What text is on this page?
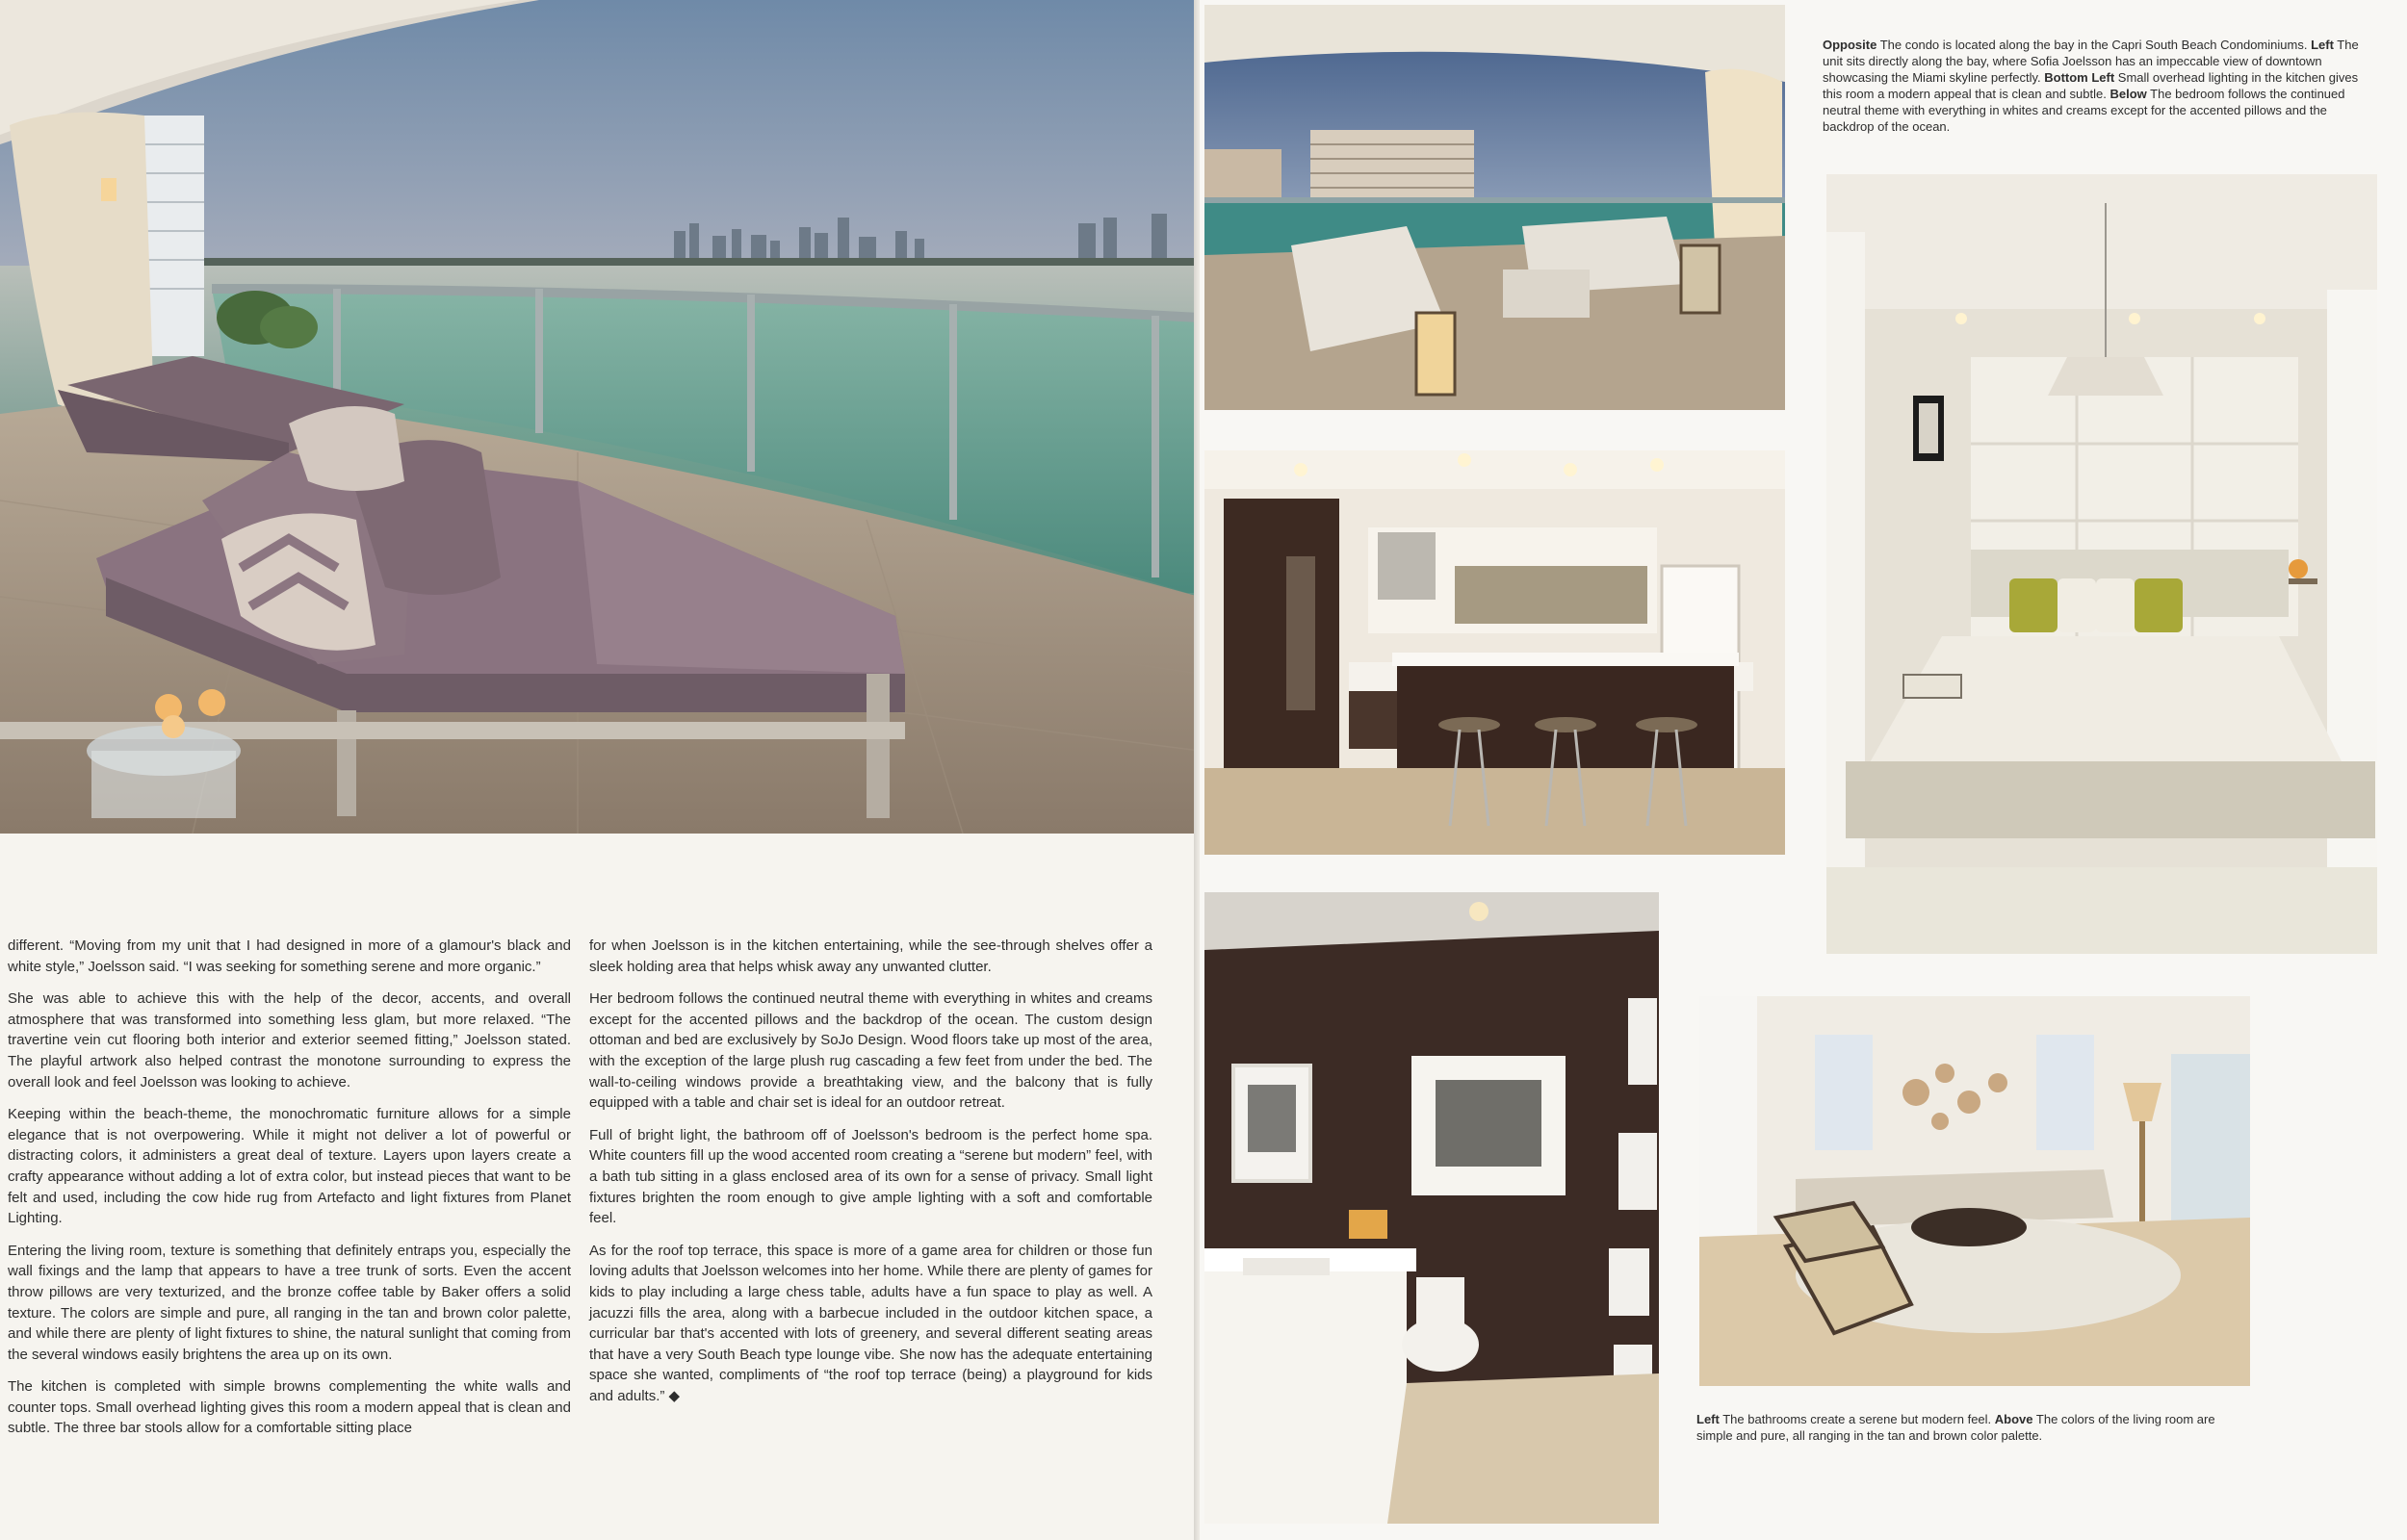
different. “Moving from my unit that I had designed in more of a glamour's black and white style,” Joelsson said. “I was seeking for something serene and more organic.”

She was able to achieve this with the help of the decor, accents, and overall atmosphere that was transformed into something less glam, but more relaxed. “The travertine vein cut flooring both interior and exterior seemed fitting,” Joelsson stated. The playful artwork also helped contrast the monotone surrounding to express the overall look and feel Joelsson was looking to achieve.

Keeping within the beach-theme, the monochromatic furniture allows for a simple elegance that is not overpowering. While it might not deliver a lot of powerful or distracting colors, it administers a great deal of texture. Layers upon layers create a crafty appearance without adding a lot of extra color, but instead pieces that want to be felt and used, including the cow hide rug from Artefacto and light fixtures from Planet Lighting.

Entering the living room, texture is something that definitely entraps you, especially the wall fixings and the lamp that appears to have a tree trunk of sorts. Even the accent throw pillows are very texturized, and the bronze coffee table by Baker offers a solid texture. The colors are simple and pure, all ranging in the tan and brown color palette, and while there are plenty of light fixtures to shine, the natural sunlight that coming from the several windows easily brightens the area up on its own.

The kitchen is completed with simple browns complementing the white walls and counter tops. Small overhead lighting gives this room a modern appeal that is clean and subtle. The three bar stools allow for a comfortable sitting place

for when Joelsson is in the kitchen entertaining, while the see-through shelves offer a sleek holding area that helps whisk away any unwanted clutter.

Her bedroom follows the continued neutral theme with everything in whites and creams except for the accented pillows and the backdrop of the ocean. The custom design ottoman and bed are exclusively by SoJo Design. Wood floors take up most of the area, with the exception of the large plush rug cascading a few feet from under the bed. The wall-to-ceiling windows provide a breathtaking view, and the balcony that is fully equipped with a table and chair set is ideal for an outdoor retreat.

Full of bright light, the bathroom off of Joelsson's bedroom is the perfect home spa. White counters fill up the wood accented room creating a “serene but modern” feel, with a bath tub sitting in a glass enclosed area of its own for a sense of privacy. Small light fixtures brighten the room enough to give ample lighting with a soft and comfortable feel.

As for the roof top terrace, this space is more of a game area for children or those fun loving adults that Joelsson welcomes into her home. While there are plenty of games for kids to play including a large chess table, adults have a fun space to play as well. A jacuzzi fills the area, along with a barbecue included in the outdoor kitchen space, a curricular bar that's accented with lots of greenery, and several different seating areas that have a very South Beach type lounge vibe. She now has the adequate entertaining space she wanted, compliments of “the roof top terrace (being) a playground for kids and adults.” ◆

Opposite The condo is located along the bay in the Capri South Beach Condominiums. Left The unit sits directly along the bay, where Sofia Joelsson has an impeccable view of downtown showcasing the Miami skyline perfectly. Bottom Left Small overhead lighting in the kitchen gives this room a modern appeal that is clean and subtle. Below The bedroom follows the continued neutral theme with everything in whites and creams except for the accented pillows and the backdrop of the ocean.
Left The bathrooms create a serene but modern feel. Above The colors of the living room are simple and pure, all ranging in the tan and brown color palette.
